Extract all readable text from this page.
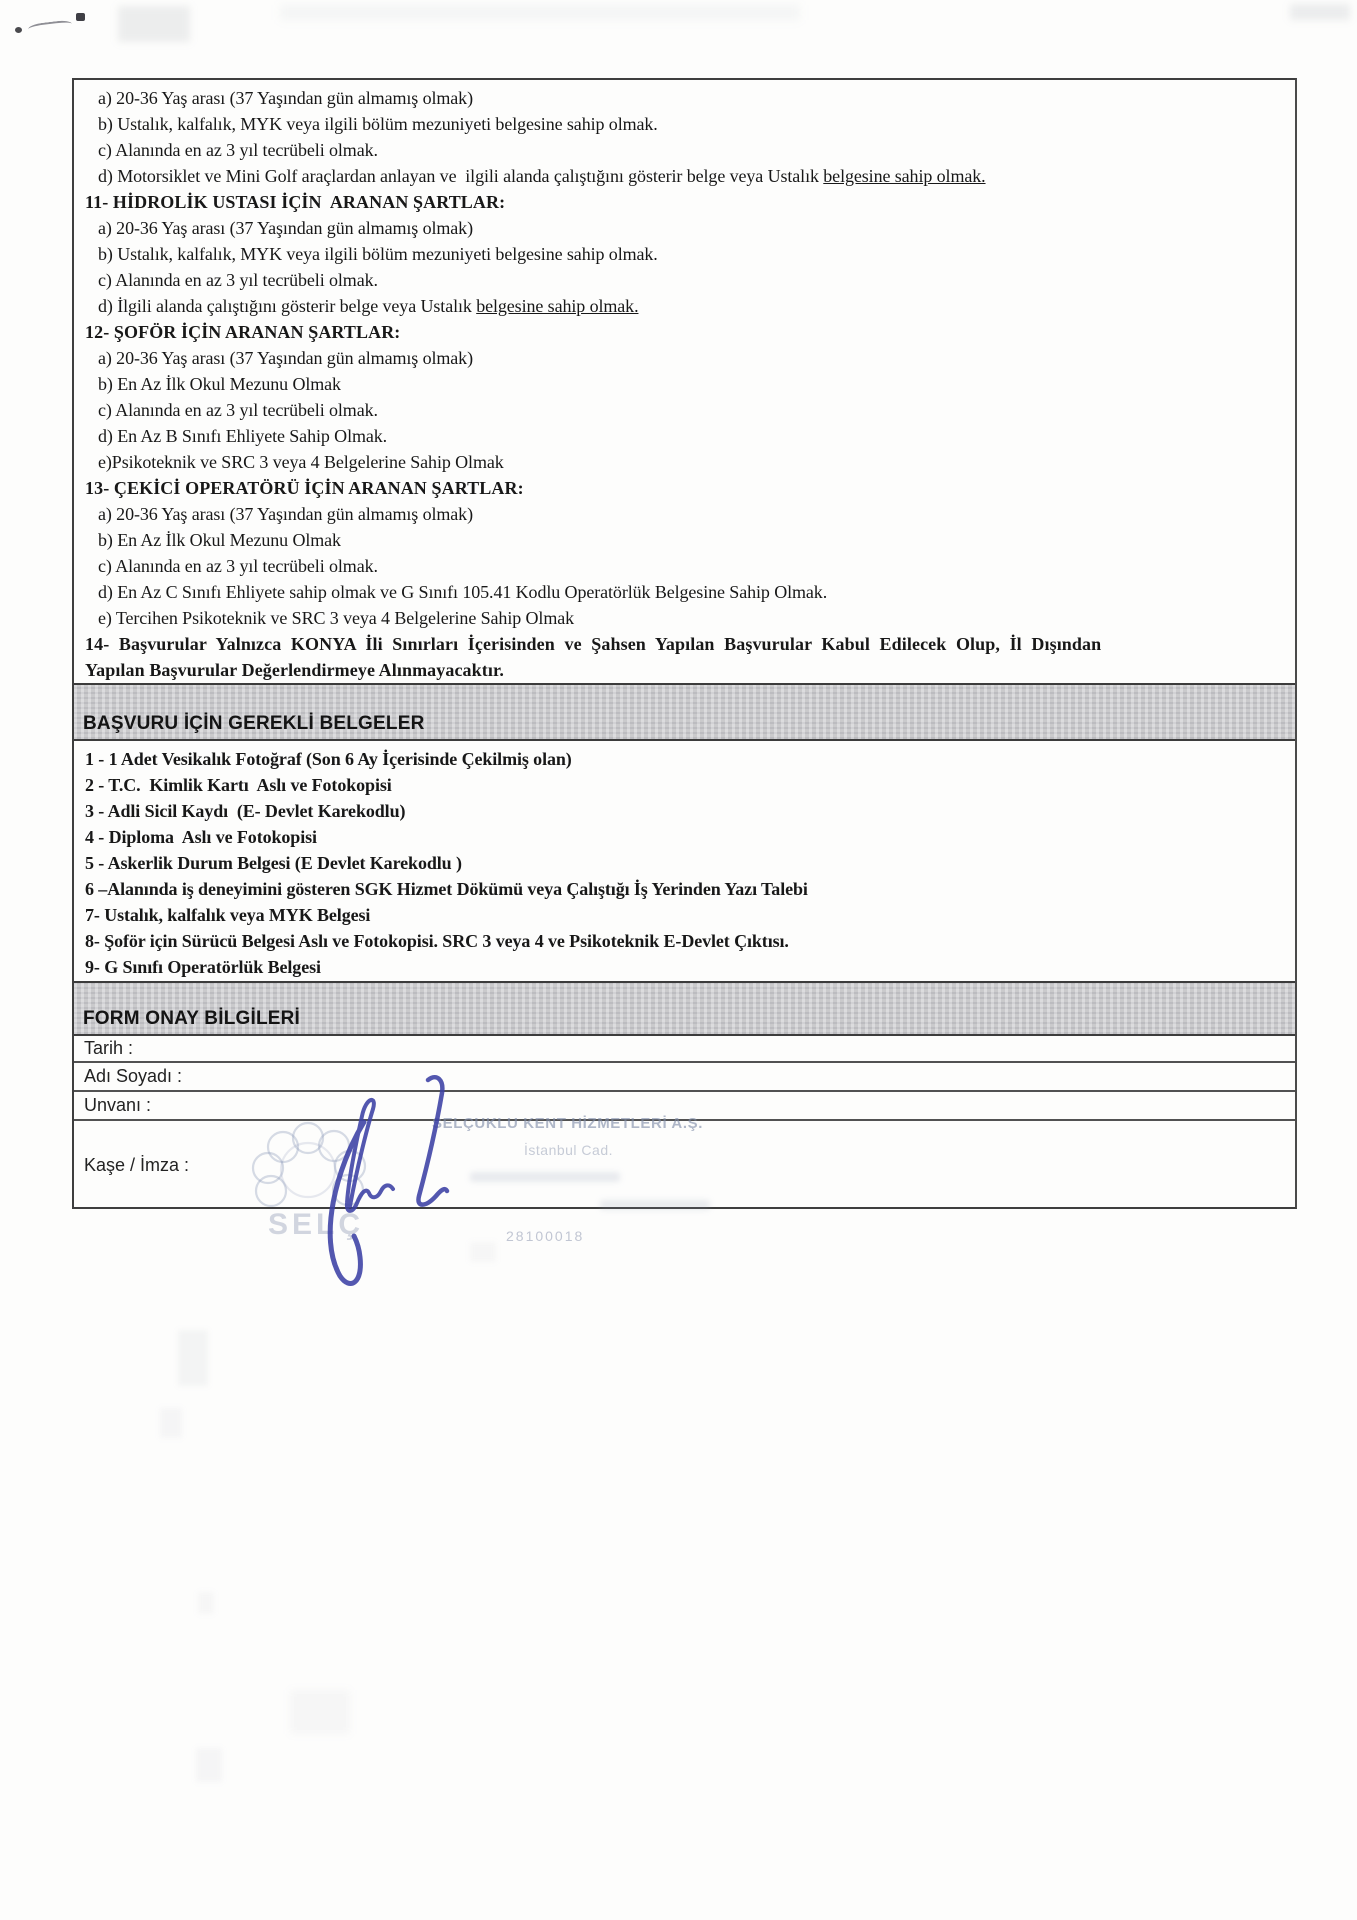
a) 20-36 Yaş arası (37 Yaşından gün almamış olmak)
b) Ustalık, kalfalık, MYK veya ilgili bölüm mezuniyeti belgesine sahip olmak.
c) Alanında en az 3 yıl tecrübeli olmak.
d) Motorsiklet ve Mini Golf araçlardan anlayan ve  ilgili alanda çalıştığını gösterir belge veya Ustalık belgesine sahip olmak.
11- HİDROLİK USTASI İÇİN  ARANAN ŞARTLAR:
a) 20-36 Yaş arası (37 Yaşından gün almamış olmak)
b) Ustalık, kalfalık, MYK veya ilgili bölüm mezuniyeti belgesine sahip olmak.
c) Alanında en az 3 yıl tecrübeli olmak.
d) İlgili alanda çalıştığını gösterir belge veya Ustalık belgesine sahip olmak.
12- ŞOFÖR İÇİN ARANAN ŞARTLAR:
a) 20-36 Yaş arası (37 Yaşından gün almamış olmak)
b) En Az İlk Okul Mezunu Olmak
c) Alanında en az 3 yıl tecrübeli olmak.
d) En Az B Sınıfı Ehliyete Sahip Olmak.
e)Psikoteknik ve SRC 3 veya 4 Belgelerine Sahip Olmak
13- ÇEKİCİ OPERATÖRÜ İÇİN ARANAN ŞARTLAR:
a) 20-36 Yaş arası (37 Yaşından gün almamış olmak)
b) En Az İlk Okul Mezunu Olmak
c) Alanında en az 3 yıl tecrübeli olmak.
d) En Az C Sınıfı Ehliyete sahip olmak ve G Sınıfı 105.41 Kodlu Operatörlük Belgesine Sahip Olmak.
e) Tercihen Psikoteknik ve SRC 3 veya 4 Belgelerine Sahip Olmak
14- Başvurular Yalnızca KONYA İli Sınırları İçerisinden ve Şahsen Yapılan Başvurular Kabul Edilecek Olup, İl Dışından
Yapılan Başvurular Değerlendirmeye Alınmayacaktır.
BAŞVURU İÇİN GEREKLİ BELGELER
1 - 1 Adet Vesikalık Fotoğraf (Son 6 Ay İçerisinde Çekilmiş olan)
2 - T.C.  Kimlik Kartı  Aslı ve Fotokopisi
3 - Adli Sicil Kaydı  (E- Devlet Karekodlu)
4 - Diploma  Aslı ve Fotokopisi
5 - Askerlik Durum Belgesi (E Devlet Karekodlu )
6 –Alanında iş deneyimini gösteren SGK Hizmet Dökümü veya Çalıştığı İş Yerinden Yazı Talebi
7- Ustalık, kalfalık veya MYK Belgesi
8- Şoför için Sürücü Belgesi Aslı ve Fotokopisi. SRC 3 veya 4 ve Psikoteknik E-Devlet Çıktısı.
9- G Sınıfı Operatörlük Belgesi
FORM ONAY BİLGİLERİ
Tarih :
Adı Soyadı :
Unvanı :
Kaşe / İmza :
SELÇUKLU KENT HİZMETLERİ A.Ş.
İstanbul Cad.
28100018
SELÇ
